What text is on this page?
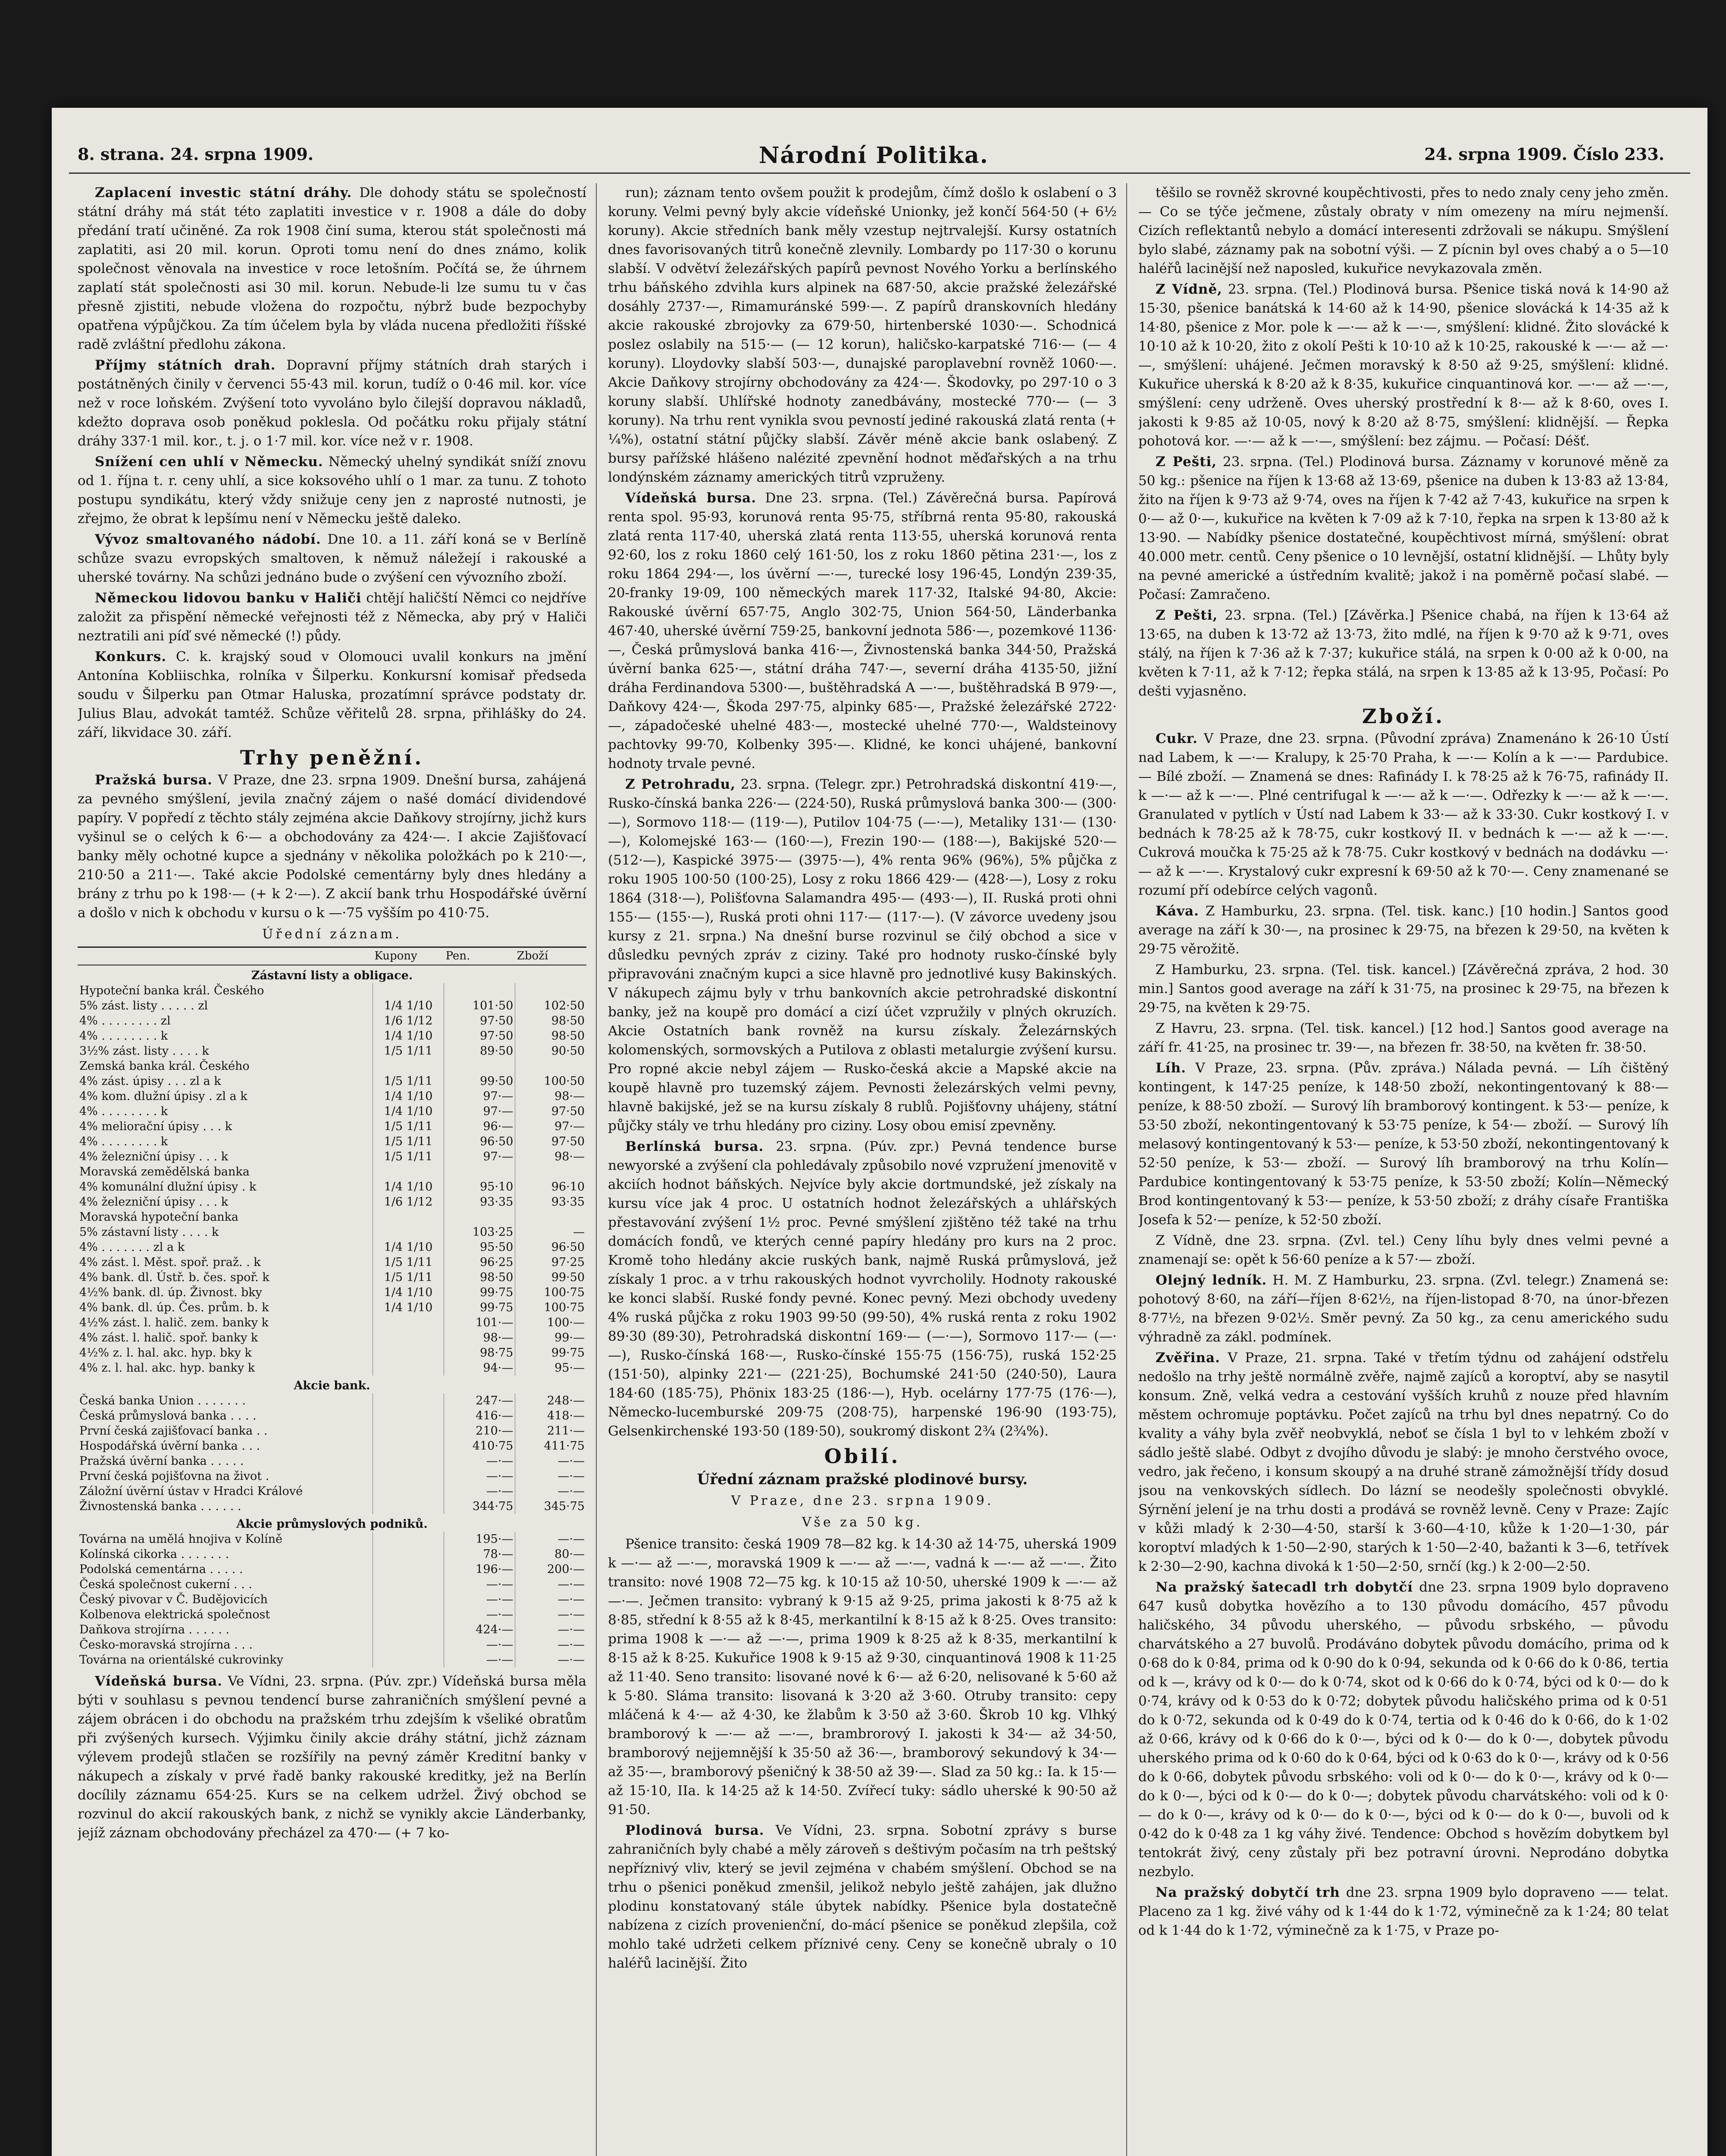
8. strana. 24. srpna 1909.	Národní Politika.	24. srpna 1909. Číslo 233.

Zaplacení investic státní dráhy. Dle dohody státu se společností státní dráhy má stát této zaplatiti investice v r. 1908 a dále do doby předání tratí učiněné. Za rok 1908 činí suma, kterou stát společnosti má zaplatiti, asi 20 mil. korun. Oproti tomu není do dnes známo, kolik společnost věnovala na investice v roce letošním. Počítá se, že úhrnem zaplatí stát společnosti asi 30 mil. korun. Nebude-li lze sumu tu v čas přesně zjistiti, nebude vložena do rozpočtu, nýbrž bude bezpochyby opatřena výpůjčkou. Za tím účelem byla by vláda nucena předložiti říšské radě zvláštní předlohu zákona.

Příjmy státních drah. Dopravní příjmy státních drah starých i postátněných činily v červenci 55·43 mil. korun, tudíž o 0·46 mil. kor. více než v roce loňském. Zvýšení toto vyvoláno bylo čilejší dopravou nákladů, kdežto doprava osob poněkud poklesla. Od počátku roku přijaly státní dráhy 337·1 mil. kor., t. j. o 1·7 mil. kor. více než v r. 1908.

Snížení cen uhlí v Německu. Německý uhelný syndikát sníží znovu od 1. října t. r. ceny uhlí, a sice koksového uhlí o 1 mar. za tunu. Z tohoto postupu syndikátu, který vždy snižuje ceny jen z naprosté nutnosti, je zřejmo, že obrat k lepšímu není v Německu ještě daleko.

Vývoz smaltovaného nádobí. Dne 10. a 11. září koná se v Berlíně schůze svazu evropských smaltoven, k němuž náležejí i rakouské a uherské továrny. Na schůzi jednáno bude o zvýšení cen vývozního zboží.

Německou lidovou banku v Haliči chtějí haličští Němci co nejdříve založit za přispění německé veřejnosti též z Německa, aby prý v Haliči neztratili ani píď své německé (!) půdy.

Konkurs. C. k. krajský soud v Olomouci uvalil konkurs na jmění Antonína Kobliischka, rolníka v Šilperku. Konkursní komisař předseda soudu v Šilperku pan Otmar Haluska, prozatímní správce podstaty dr. Julius Blau, advokát tamtéž. Schůze věřitelů 28. srpna, přihlášky do 24. září, likvidace 30. září.

Trhy peněžní.

Pražská bursa. V Praze, dne 23. srpna 1909. Dnešní bursa, zahájená za pevného smýšlení, jevila značný zájem o našé domácí dividendové papíry. V popředí z těchto stály zejména akcie Daňkovy strojírny, jichž kurs vyšinul se o celých k 6·— a obchodovány za 424·—. I akcie Zajišťovací banky měly ochotné kupce a sjednány v několika položkách po k 210·—, 210·50 a 211·—. Také akcie Podolské cementárny byly dnes hledány a brány z trhu po k 198·— (+ k 2·—). Z akcií bank trhu Hospodářské úvěrní a došlo v nich k obchodu v kursu o k —·75 vyšším po 410·75.

Úřední záznam.
	Kupony	Pen.	Zboží
Zástavní listy a obligace.			
Hypoteční banka král. Českého			
5% zást. listy . . . . . zl	1/4 1/10	101·50	102·50
4% . . . . . . . . zl	1/6 1/12	97·50	98·50
4% . . . . . . . . k	1/4 1/10	97·50	98·50
3½% zást. listy . . . . k	1/5 1/11	89·50	90·50
Zemská banka král. Českého			
4% zást. úpisy . . . zl a k	1/5 1/11	99·50	100·50
4% kom. dlužní úpisy . zl a k	1/4 1/10	97·—	98·—
4% . . . . . . . . k	1/4 1/10	97·—	97·50
4% meliorační úpisy . . . k	1/5 1/11	96·—	97·—
4% . . . . . . . . k	1/5 1/11	96·50	97·50
4% železniční úpisy . . . k	1/5 1/11	97·—	98·—
Moravská zemědělská banka			
4% komunální dlužní úpisy . k	1/4 1/10	95·10	96·10
4% železniční úpisy . . . k	1/6 1/12	93·35	93·35
Moravská hypoteční banka			
5% zástavní listy . . . . k		103·25	—
4% . . . . . . . zl a k	1/4 1/10	95·50	96·50
4% zást. l. Měst. spoř. praž. . k	1/5 1/11	96·25	97·25
4% bank. dl. Ústř. b. čes. spoř. k	1/5 1/11	98·50	99·50
4½% bank. dl. úp. Živnost. bky	1/4 1/10	99·75	100·75
4% bank. dl. úp. Čes. prům. b. k	1/4 1/10	99·75	100·75
4½% zást. l. halič. zem. banky k		101·—	100·—
4% zást. l. halič. spoř. banky k		98·—	99·—
4½% z. l. hal. akc. hyp. bky k		98·75	99·75
4% z. l. hal. akc. hyp. banky k		94·—	95·—
Akcie bank.			
Česká banka Union . . . . . . .		247·—	248·—
Česká průmyslová banka . . . .		416·—	418·—
První česká zajišťovací banka . .		210·—	211·—
Hospodářská úvěrní banka . . .		410·75	411·75
Pražská úvěrní banka . . . . .		—·—	—·—
První česká pojišťovna na život .		—·—	—·—
Záložní úvěrní ústav v Hradci Králové		—·—	—·—
Živnostenská banka . . . . . .		344·75	345·75
Akcie průmyslových podniků.			
Továrna na umělá hnojiva v Kolíně		195·—	—·—
Kolínská cikorka . . . . . . .		78·—	80·—
Podolská cementárna . . . . .		196·—	200·—
Česká společnost cukerní . . .		—·—	—·—
Český pivovar v Č. Budějovicích		—·—	—·—
Kolbenova elektrická společnost		—·—	—·—
Daňkova strojírna . . . . . .		424·—	—·—
Česko-moravská strojírna . . .		—·—	—·—
Továrna na orientálské cukrovinky		—·—	—·—

Vídeňská bursa. Ve Vídni, 23. srpna. (Púv. zpr.) Vídeňská bursa měla býti v souhlasu s pevnou tendencí burse zahraničních smýšlení pevné a zájem obrácen i do obchodu na pražském trhu zdejším k všeliké obratům při zvýšených kursech. Výjimku činily akcie dráhy státní, jichž záznam výlevem prodejů stlačen se rozšířily na pevný záměr Kreditní banky v nákupech a získaly v prvé řadě banky rakouské kreditky, jež na Berlín docílily záznamu 654·25. Kurs se na celkem udržel. Živý obchod se rozvinul do akcií rakouských bank, z nichž se vynikly akcie Länderbanky, jejíž záznam obchodovány přecházel za 470·— (+ 7 ko-

run); záznam tento ovšem použit k prodejům, čímž došlo k oslabení o 3 koruny. Velmi pevný byly akcie vídeňské Unionky, jež končí 564·50 (+ 6½ koruny). Akcie středních bank měly vzestup nejtrvalejší. Kursy ostatních dnes favorisovaných titrů konečně zlevnily. Lombardy po 117·30 o korunu slabší. V odvětví železářských papírů pevnost Nového Yorku a berlínského trhu báňského zdvihla kurs alpinek na 687·50, akcie pražské železářské dosáhly 2737·—, Rimamuránské 599·—. Z papírů dranskovních hledány akcie rakouské zbrojovky za 679·50, hirtenberské 1030·—. Schodnicá poslez oslabily na 515·— (— 12 korun), haličsko-karpatské 716·— (— 4 koruny). Lloydovky slabší 503·—, dunajské paroplavební rovněž 1060·—. Akcie Daňkovy strojírny obchodovány za 424·—. Škodovky, po 297·10 o 3 koruny slabší. Uhlířské hodnoty zanedbávány, mostecké 770·— (— 3 koruny). Na trhu rent vynikla svou pevností jediné rakouská zlatá renta (+ ¼%), ostatní státní půjčky slabší. Závěr méně akcie bank oslabený. Z bursy pařížské hlášeno nalézité zpevnění hodnot měďařských a na trhu londýnském záznamy amerických titrů vzpruženy.

Vídeňská bursa. Dne 23. srpna. (Tel.) Závěrečná bursa. Papírová renta spol. 95·93, korunová renta 95·75, stříbrná renta 95·80, rakouská zlatá renta 117·40, uherská zlatá renta 113·55, uherská korunová renta 92·60, los z roku 1860 celý 161·50, los z roku 1860 pětina 231·—, los z roku 1864 294·—, los úvěrní —·—, turecké losy 196·45, Londýn 239·35, 20-franky 19·09, 100 německých marek 117·32, Italské 94·80, Akcie: Rakouské úvěrní 657·75, Anglo 302·75, Union 564·50, Länderbanka 467·40, uherské úvěrní 759·25, bankovní jednota 586·—, pozemkové 1136·—, Česká průmyslová banka 416·—, Živnostenská banka 344·50, Pražská úvěrní banka 625·—, státní dráha 747·—, severní dráha 4135·50, jižní dráha Ferdinandova 5300·—, buštěhradská A —·—, buštěhradská B 979·—, Daňkovy 424·—, Škoda 297·75, alpinky 685·—, Pražské železářské 2722·—, západočeské uhelné 483·—, mostecké uhelné 770·—, Waldsteinovy pachtovky 99·70, Kolbenky 395·—. Klidné, ke konci uhájené, bankovní hodnoty trvale pevné.

Z Petrohradu, 23. srpna. (Telegr. zpr.) Petrohradská diskontní 419·—, Rusko-čínská banka 226·— (224·50), Ruská průmyslová banka 300·— (300·—), Sormovo 118·— (119·—), Putilov 104·75 (—·—), Metaliky 131·— (130·—), Kolomejské 163·— (160·—), Frezin 190·— (188·—), Bakijské 520·— (512·—), Kaspické 3975·— (3975·—), 4% renta 96% (96%), 5% půjčka z roku 1905 100·50 (100·25), Losy z roku 1866 429·— (428·—), Losy z roku 1864 (318·—), Polišťovna Salamandra 495·— (493·—), II. Ruská proti ohni 155·— (155·—), Ruská proti ohni 117·— (117·—). (V závorce uvedeny jsou kursy z 21. srpna.) Na dnešní burse rozvinul se čilý obchod a sice v důsledku pevných zpráv z ciziny. Také pro hodnoty rusko-čínské byly připravováni značným kupci a sice hlavně pro jednotlivé kusy Bakinských. V nákupech zájmu byly v trhu bankovních akcie petrohradské diskontní banky, jež na koupě pro domácí a cizí účet vzpružily v plných okruzích. Akcie Ostatních bank rovněž na kursu získaly. Železárnských kolomenských, sormovských a Putilova z oblasti metalurgie zvýšení kursu. Pro ropné akcie nebyl zájem — Rusko-česká akcie a Mapské akcie na koupě hlavně pro tuzemský zájem. Pevnosti železárských velmi pevny, hlavně bakijské, jež se na kursu získaly 8 rublů. Pojišťovny uhájeny, státní půjčky stály ve trhu hledány pro ciziny. Losy obou emisí zpevněny.

Berlínská bursa. 23. srpna. (Púv. zpr.) Pevná tendence burse newyorské a zvýšení cla pohledávaly způsobilo nové vzpružení jmenovitě v akciích hodnot báňských. Nejvíce byly akcie dortmundské, jež získaly na kursu více jak 4 proc. U ostatních hodnot železářských a uhlářských přestavování zvýšení 1½ proc. Pevné smýšlení zjištěno též také na trhu domácích fondů, ve kterých cenné papíry hledány pro kurs na 2 proc. Kromě toho hledány akcie ruských bank, najmě Ruská průmyslová, jež získaly 1 proc. a v trhu rakouských hodnot vyvrcholily. Hodnoty rakouské ke konci slabší. Ruské fondy pevné. Konec pevný. Mezi obchody uvedeny 4% ruská půjčka z roku 1903 99·50 (99·50), 4% ruská renta z roku 1902 89·30 (89·30), Petrohradská diskontní 169·— (—·—), Sormovo 117·— (—·—), Rusko-čínská 168·—, Rusko-čínské 155·75 (156·75), ruská 152·25 (151·50), alpinky 221·— (221·25), Bochumské 241·50 (240·50), Laura 184·60 (185·75), Phönix 183·25 (186·—), Hyb. ocelárny 177·75 (176·—), Německo-lucemburské 209·75 (208·75), harpenské 196·90 (193·75), Gelsenkirchenské 193·50 (189·50), soukromý diskont 2¾ (2¾%).

Obilí.
Úřední záznam pražské plodinové bursy.
V Praze, dne 23. srpna 1909.
Vše za 50 kg.

Pšenice transito: česká 1909 78—82 kg. k 14·30 až 14·75, uherská 1909 k —·— až —·—, moravská 1909 k —·— až —·—, vadná k —·— až —·—. Žito transito: nové 1908 72—75 kg. k 10·15 až 10·50, uherské 1909 k —·— až —·—. Ječmen transito: vybraný k 9·15 až 9·25, prima jakosti k 8·75 až k 8·85, střední k 8·55 až k 8·45, merkantilní k 8·15 až k 8·25. Oves transito: prima 1908 k —·— až —·—, prima 1909 k 8·25 až k 8·35, merkantilní k 8·15 až k 8·25. Kukuřice 1908 k 9·15 až 9·30, cinquantinová 1908 k 11·25 až 11·40. Seno transito: lisované nové k 6·— až 6·20, nelisované k 5·60 až k 5·80. Sláma transito: lisovaná k 3·20 až 3·60. Otruby transito: cepy mláčená k 4·— až 4·30, ke žlabům k 3·50 až 3·60. Škrob 10 kg. Vlhký bramborový k —·— až —·—, brambrorový I. jakosti k 34·— až 34·50, bramborový nejjemnější k 35·50 až 36·—, bramborový sekundový k 34·— až 35·—, bramborový pšeničný k 38·50 až 39·—. Slad za 50 kg.: Ia. k 15·— až 15·10, IIa. k 14·25 až k 14·50. Zvířecí tuky: sádlo uherské k 90·50 až 91·50.

Plodinová bursa. Ve Vídni, 23. srpna. Sobotní zprávy s burse zahraničních byly chabé a měly zároveň s deštivým počasím na trh peštský nepříznivý vliv, který se jevil zejména v chabém smýšlení. Obchod se na trhu o pšenici poněkud zmenšil, jelikož nebylo ještě zahájen, jak dlužno plodinu konstatovaný stále úbytek nabídky. Pšenice byla dostatečně nabízena z cizích provenienční, do-mácí pšenice se poněkud zlepšila, což mohlo také udržeti celkem příznivé ceny. Ceny se konečně ubraly o 10 haléřů lacinější. Žito

těšilo se rovněž skrovné koupěchtivosti, přes to nedo znaly ceny jeho změn. — Co se týče ječmene, zůstaly obraty v ním omezeny na míru nejmenší. Cizích reflektantů nebylo a domácí interesenti zdržovali se nákupu. Smýšlení bylo slabé, záznamy pak na sobotní výši. — Z pícnin byl oves chabý a o 5—10 haléřů lacinější než naposled, kukuřice nevykazovala změn.

Z Vídně, 23. srpna. (Tel.) Plodinová bursa. Pšenice tiská nová k 14·90 až 15·30, pšenice banátská k 14·60 až k 14·90, pšenice slovácká k 14·35 až k 14·80, pšenice z Mor. pole k —·— až k —·—, smýšlení: klidné. Žito slovácké k 10·10 až k 10·20, žito z okolí Pešti k 10·10 až k 10·25, rakouské k —·— až —·—, smýšlení: uhájené. Ječmen moravský k 8·50 až 9·25, smýšlení: klidné. Kukuřice uherská k 8·20 až k 8·35, kukuřice cinquantinová kor. —·— až —·—, smýšlení: ceny udrženě. Oves uherský prostřední k 8·— až k 8·60, oves I. jakosti k 9·85 až 10·05, nový k 8·20 až 8·75, smýšlení: klidnější. — Řepka pohotová kor. —·— až k —·—, smýšlení: bez zájmu. — Počasí: Déšť.

Z Pešti, 23. srpna. (Tel.) Plodinová bursa. Záznamy v korunové měně za 50 kg.: pšenice na říjen k 13·68 až 13·69, pšenice na duben k 13·83 až 13·84, žito na říjen k 9·73 až 9·74, oves na říjen k 7·42 až 7·43, kukuřice na srpen k 0·— až 0·—, kukuřice na květen k 7·09 až k 7·10, řepka na srpen k 13·80 až k 13·90. — Nabídky pšenice dostatečné, koupěchtivost mírná, smýšlení: obrat 40.000 metr. centů. Ceny pšenice o 10 levnější, ostatní klidnější. — Lhůty byly na pevné americké a ústředním kvalitě; jakož i na poměrně počasí slabé. — Počasí: Zamračeno.

Z Pešti, 23. srpna. (Tel.) [Závěrka.] Pšenice chabá, na říjen k 13·64 až 13·65, na duben k 13·72 až 13·73, žito mdlé, na říjen k 9·70 až k 9·71, oves stálý, na říjen k 7·36 až k 7·37; kukuřice stálá, na srpen k 0·00 až k 0·00, na květen k 7·11, až k 7·12; řepka stálá, na srpen k 13·85 až k 13·95, Počasí: Po dešti vyjasněno.

Zboží.

Cukr. V Praze, dne 23. srpna. (Původní zpráva) Znamenáno k 26·10 Ústí nad Labem, k —·— Kralupy, k 25·70 Praha, k —·— Kolín a k —·— Pardubice. — Bílé zboží. — Znamená se dnes: Rafinády I. k 78·25 až k 76·75, rafinády II. k —·— až k —·—. Plné centrifugal k —·— až k —·—. Odřezky k —·— až k —·—. Granulated v pytlích v Ústí nad Labem k 33·— až k 33·30. Cukr kostkový I. v bednách k 78·25 až k 78·75, cukr kostkový II. v bednách k —·— až k —·—. Cukrová moučka k 75·25 až k 78·75. Cukr kostkový v bednách na dodávku —·— až k —·—. Krystalový cukr expresní k 69·50 až k 70·—. Ceny znamenané se rozumí pří odebírce celých vagonů.

Káva. Z Hamburku, 23. srpna. (Tel. tisk. kanc.) [10 hodin.] Santos good average na září k 30·—, na prosinec k 29·75, na březen k 29·50, na květen k 29·75 věrožitě.

Z Hamburku, 23. srpna. (Tel. tisk. kancel.) [Závěrečná zpráva, 2 hod. 30 min.] Santos good average na září k 31·75, na prosinec k 29·75, na březen k 29·75, na květen k 29·75.

Z Havru, 23. srpna. (Tel. tisk. kancel.) [12 hod.] Santos good average na září fr. 41·25, na prosinec tr. 39·—, na březen fr. 38·50, na květen fr. 38·50.

Líh. V Praze, 23. srpna. (Pův. zpráva.) Nálada pevná. — Líh čištěný kontingent, k 147·25 peníze, k 148·50 zboží, nekontingentovaný k 88·— peníze, k 88·50 zboží. — Surový líh bramborový kontingent. k 53·— peníze, k 53·50 zboží, nekontingentovaný k 53·75 peníze, k 54·— zboží. — Surový líh melasový kontingentovaný k 53·— peníze, k 53·50 zboží, nekontingentovaný k 52·50 peníze, k 53·— zboží. — Surový líh bramborový na trhu Kolín—Pardubice kontingentovaný k 53·75 peníze, k 53·50 zboží; Kolín—Německý Brod kontingentovaný k 53·— peníze, k 53·50 zboží; z dráhy císaře Františka Josefa k 52·— peníze, k 52·50 zboží.

Z Vídně, dne 23. srpna. (Zvl. tel.) Ceny líhu byly dnes velmi pevné a znamenají se: opět k 56·60 peníze a k 57·— zboží.

Olejný ledník. H. M. Z Hamburku, 23. srpna. (Zvl. telegr.) Znamená se: pohotový 8·60, na září—říjen 8·62½, na říjen-listopad 8·70, na únor-březen 8·77½, na březen 9·02½. Směr pevný. Za 50 kg., za cenu amerického sudu výhradně za zákl. podmínek.

Zvěřina. V Praze, 21. srpna. Také v třetím týdnu od zahájení odstřelu nedošlo na trhy ještě normálně zvěře, najmě zajíců a koroptví, aby se nasytil konsum. Zně, velká vedra a cestování vyšších kruhů z nouze před hlavním městem ochromuje poptávku. Počet zajíců na trhu byl dnes nepatrný. Co do kvality a váhy byla zvěř neobvyklá, neboť se čísla 1 byl to v lehkém zboží v sádlo ještě slabé. Odbyt z dvojího důvodu je slabý: je mnoho čerstvého ovoce, vedro, jak řečeno, i konsum skoupý a na druhé straně zámožnější třídy dosud jsou na venkovských sídlech. Do lázní se neodešly společnosti obvyklé. Sýrnění jelení je na trhu dosti a prodává se rovněž levně. Ceny v Praze: Zajíc v kůži mladý k 2·30—4·50, starší k 3·60—4·10, kůže k 1·20—1·30, pár koroptví mladých k 1·50—2·90, starých k 1·50—2·40, bažanti k 3—6, tetřívek k 2·30—2·90, kachna divoká k 1·50—2·50, srnčí (kg.) k 2·00—2·50.

Na pražský šatecadl trh dobytčí dne 23. srpna 1909 bylo dopraveno 647 kusů dobytka hovězího a to 130 původu domácího, 457 původu haličského, 34 původu uherského, — původu srbského, — původu charvátského a 27 buvolů. Prodáváno dobytek původu domácího, prima od k 0·68 do k 0·84, prima od k 0·90 do k 0·94, sekunda od k 0·66 do k 0·86, tertia od k —, krávy od k 0·— do k 0·74, skot od k 0·66 do k 0·74, býci od k 0·— do k 0·74, krávy od k 0·53 do k 0·72; dobytek původu haličského prima od k 0·51 do k 0·72, sekunda od k 0·49 do k 0·74, tertia od k 0·46 do k 0·66, do k 1·02 až 0·66, krávy od k 0·66 do k 0·—, býci od k 0·— do k 0·—, dobytek původu uherského prima od k 0·60 do k 0·64, býci od k 0·63 do k 0·—, krávy od k 0·56 do k 0·66, dobytek původu srbského: voli od k 0·— do k 0·—, krávy od k 0·— do k 0·—, býci od k 0·— do k 0·—; dobytek původu charvátského: voli od k 0·— do k 0·—, krávy od k 0·— do k 0·—, býci od k 0·— do k 0·—, buvoli od k 0·42 do k 0·48 za 1 kg váhy živé. Tendence: Obchod s hovězím dobytkem byl tentokrát živý, ceny zůstaly při bez potravní úrovni. Neprodáno dobytka nezbylo.

Na pražský dobytčí trh dne 23. srpna 1909 bylo dopraveno —— telat. Placeno za 1 kg. živé váhy od k 1·44 do k 1·72, výminečně za k 1·24; 80 telat od k 1·44 do k 1·72, výminečně za k 1·75, v Praze po-
